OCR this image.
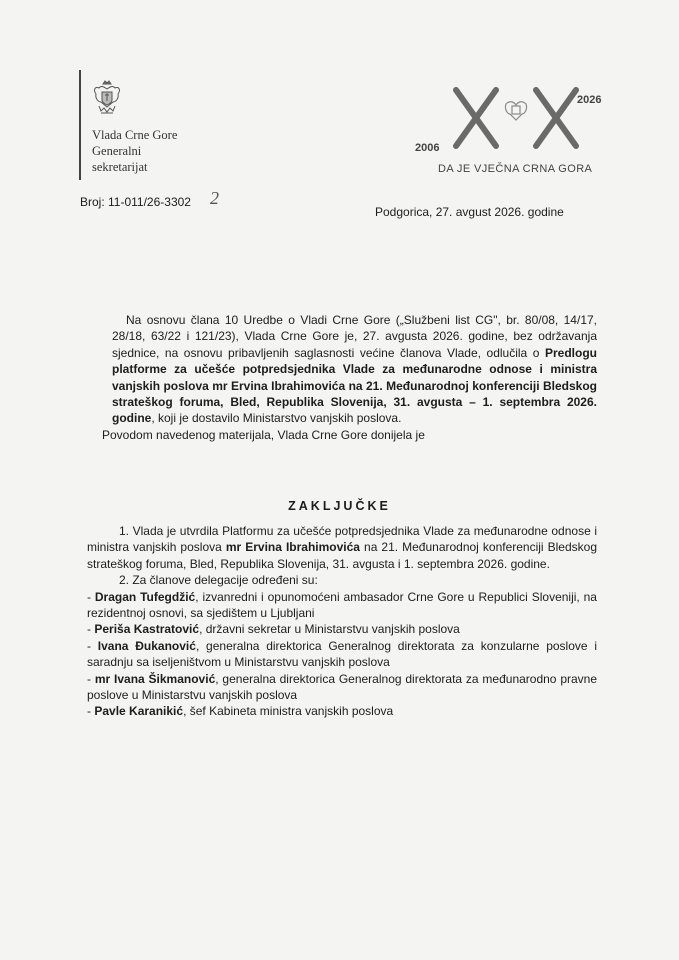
Vlada Crne Gore
Generalni
sekretarijat
2026
2006
DA JE VJEČNA CRNA GORA
Broj: 11-011/26-3302 2
Podgorica, 27. avgust 2026. godine

Na osnovu člana 10 Uredbe o Vladi Crne Gore („Službeni list CG", br. 80/08, 14/17, 28/18, 63/22 i 121/23), Vlada Crne Gore je, 27. avgusta 2026. godine, bez održavanja sjednice, na osnovu pribavljenih saglasnosti većine članova Vlade, odlučila o Predlogu platforme za učešće potpredsjednika Vlade za međunarodne odnose i ministra vanjskih poslova mr Ervina Ibrahimovića na 21. Međunarodnoj konferenciji Bledskog strateškog foruma, Bled, Republika Slovenija, 31. avgusta – 1. septembra 2026. godine, koji je dostavilo Ministarstvo vanjskih poslova.

Povodom navedenog materijala, Vlada Crne Gore donijela je

ZAKLJUČKE

1. Vlada je utvrdila Platformu za učešće potpredsjednika Vlade za međunarodne odnose i ministra vanjskih poslova mr Ervina Ibrahimovića na 21. Međunarodnoj konferenciji Bledskog strateškog foruma, Bled, Republika Slovenija, 31. avgusta i 1. septembra 2026. godine.

2. Za članove delegacije određeni su:

- Dragan Tufegdžić, izvanredni i opunomoćeni ambasador Crne Gore u Republici Sloveniji, na rezidentnoj osnovi, sa sjedištem u Ljubljani

- Periša Kastratović, državni sekretar u Ministarstvu vanjskih poslova

- Ivana Đukanović, generalna direktorica Generalnog direktorata za konzularne poslove i saradnju sa iseljeništvom u Ministarstvu vanjskih poslova

- mr Ivana Šikmanović, generalna direktorica Generalnog direktorata za međunarodno pravne poslove u Ministarstvu vanjskih poslova

- Pavle Karanikić, šef Kabineta ministra vanjskih poslova
